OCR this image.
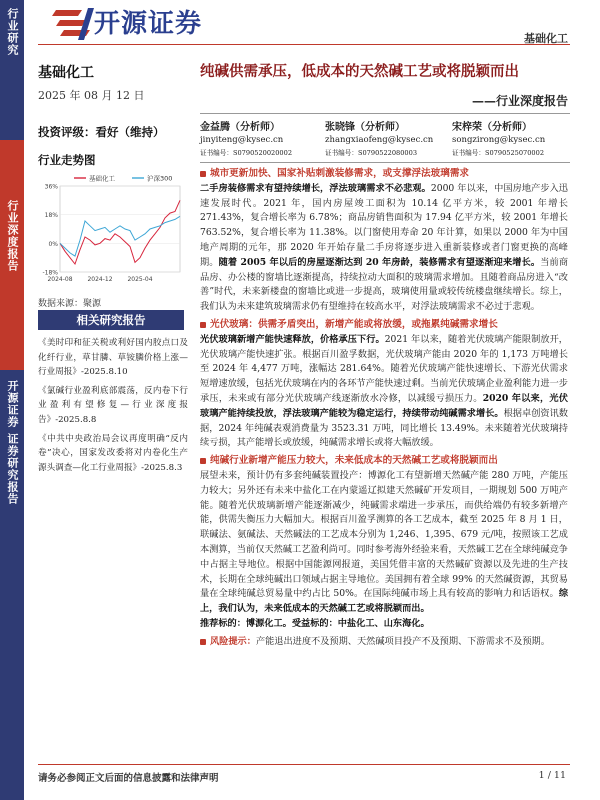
开源证券	基础化工
行业研究
行业深度报告
开源证券 证券研究报告
基础化工
2025 年 08 月 12 日
投资评级：看好（维持）
行业走势图
-18%
0%
18%
36%
2024-08 2024-12 2025-04
基础化工	沪深300
数据来源：聚源
相关研究报告
《美时印和征关税或利好国内胶点口及化纤行业，草甘膦、草铵膦价格上涨—行业周报》-2025.8.10
《氯碱行业盈利底部震荡，反内卷下行业盈利有望修复—行业深度报告》-2025.8.8
《中共中央政治局会议再度明确“反内卷”决心，国家发改委将对内卷化生产源头调查—化工行业周报》-2025.8.3
纯碱供需承压，低成本的天然碱工艺或将脱颖而出
——行业深度报告
金益腾（分析师）
jinyiteng@kysec.cn
证书编号：S0790520020002
张晓锋（分析师）
zhangxiaofeng@kysec.cn
证书编号：S0790522080003
宋梓荣（分析师）
songzirong@kysec.cn
证书编号：S0790525070002
城市更新加快、国家补贴刺激装修需求，或支撑浮法玻璃需求

二手房装修需求有望持续增长，浮法玻璃需求不必悲观。2000 年以来，中国房地产步入迅速发展时代。2021 年，国内房屋竣工面积为 10.14 亿平方米，较 2001 年增长 271.43%，复合增长率为 6.78%；商品房销售面积为 17.94 亿平方米，较 2001 年增长 763.52%，复合增长率为 11.38%。以门窗使用寿命 20 年计算，如果以 2000 年为中国地产周期的元年，那 2020 年开始存量二手房将逐步进入重新装修或者门窗更换的高峰期。随着 2005 年以后的房屋逐渐达到 20 年房龄，装修需求有望逐渐迎来增长。当前商品房、办公楼的窗墙比逐渐提高，持续拉动大面积的玻璃需求增加。且随着商品房进入“改善”时代，未来新楼盘的窗墙比或进一步提高，玻璃使用量或较传统楼盘继续增长。综上，我们认为未来建筑玻璃需求仍有望维持在较高水平，对浮法玻璃需求不必过于悲观。

光伏玻璃：供需矛盾突出，新增产能或将放缓，或拖累纯碱需求增长

光伏玻璃新增产能快速释放，价格承压下行。2021 年以来，随着光伏玻璃产能限制放开，光伏玻璃产能快速扩张。根据百川盈孚数据，光伏玻璃产能由 2020 年的 1,173 万吨增长至 2024 年 4,477 万吨，涨幅达 281.64%。随着光伏玻璃产能快速增长、下游光伏需求短增速放缓，包括光伏玻璃在内的各环节产能快速过剩。当前光伏玻璃企业盈利能力进一步承压，未来或有部分光伏玻璃产线逐渐放水冷修，以减缓亏损压力。2020 年以来，光伏玻璃产能持续投放，浮法玻璃产能较为稳定运行，持续带动纯碱需求增长。根据卓创资讯数据，2024 年纯碱表观消费量为 3523.31 万吨，同比增长 13.49%。未来随着光伏玻璃持续亏损，其产能增长或放缓，纯碱需求增长或将大幅放缓。

纯碱行业新增产能压力较大，未来低成本的天然碱工艺或将脱颖而出

展望未来，预计仍有多套纯碱装置投产：博源化工有望新增天然碱产能 280 万吨，产能压力较大；另外还有未来中盐化工在内蒙遥辽拟建天然碱矿开发项目，一期规划 500 万吨产能。随着光伏玻璃新增产能逐渐减少，纯碱需求端进一步承压，而供给端仍有较多新增产能，供需失衡压力大幅加大。根据百川盈孚测算的各工艺成本，截至 2025 年 8 月 1 日，联碱法、氨碱法、天然碱法的工艺成本分别为 1,246、1,395、679 元/吨，按照该工艺成本测算，当前仅天然碱工艺盈利尚可。同时参考海外经验来看，天然碱工艺在全球纯碱竞争中占据主导地位。根据中国能源网报道，美国凭借丰富的天然碱矿资源以及先进的生产技术，长期在全球纯碱出口领域占据主导地位。美国拥有着全球 99% 的天然碱资源，其贸易量在全球纯碱总贸易量中约占比 50%。在国际纯碱市场上具有较高的影响力和话语权。综上，我们认为，未来低成本的天然碱工艺或将脱颖而出。

推荐标的：博源化工。受益标的：中盐化工、山东海化。

风险提示：产能退出进度不及预期、天然碱项目投产不及预期、下游需求不及预期。
请务必参阅正文后面的信息披露和法律声明	1 / 11
